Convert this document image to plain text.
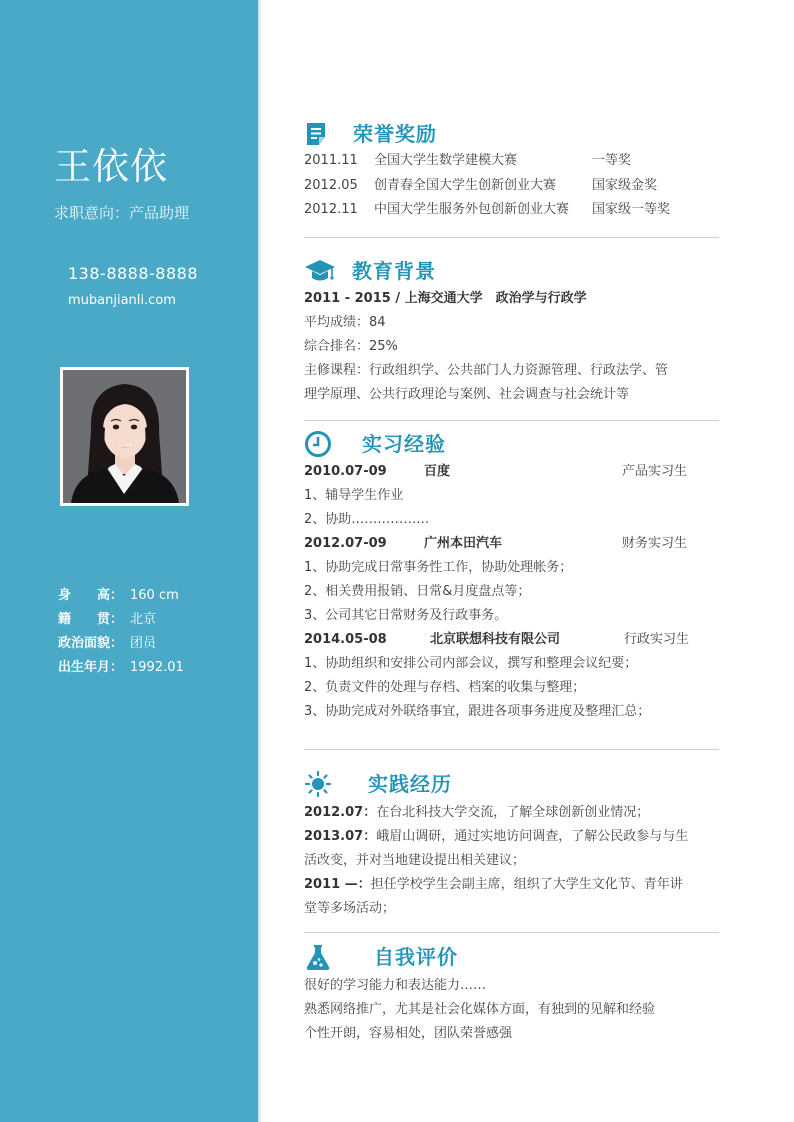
王依依
求职意向：产品助理
138-8888-8888
mubanjianli.com
身　　高： 160 cm
籍　　贯： 北京
政治面貌： 团员
出生年月： 1992.01
荣誉奖励
2011.11 全国大学生数学建模大赛	一等奖
2012.05 创青春全国大学生创新创业大赛	国家级金奖
2012.11 中国大学生服务外包创新创业大赛 国家级一等奖
教育背景
2011 - 2015 / 上海交通大学　政治学与行政学
平均成绩：84
综合排名：25%
主修课程：行政组织学、公共部门人力资源管理、行政法学、管
理学原理、公共行政理论与案例、社会调查与社会统计等
实习经验
2010.07-09	百度	产品实习生
1、辅导学生作业
2、协助………………
2012.07-09	广州本田汽车	财务实习生
1、协助完成日常事务性工作，协助处理帐务；
2、相关费用报销、日常&月度盘点等；
3、公司其它日常财务及行政事务。
2014.05-08	北京联想科技有限公司	行政实习生
1、协助组织和安排公司内部会议，撰写和整理会议纪要；
2、负责文件的处理与存档、档案的收集与整理；
3、协助完成对外联络事宜，跟进各项事务进度及整理汇总；
实践经历
2012.07：在台北科技大学交流，了解全球创新创业情况；
2013.07：峨眉山调研，通过实地访问调查，了解公民政参与与生
活改变，并对当地建设提出相关建议；
2011 —：担任学校学生会副主席，组织了大学生文化节、青年讲
堂等多场活动；
自我评价
很好的学习能力和表达能力……
熟悉网络推广，尤其是社会化媒体方面，有独到的见解和经验
个性开朗，容易相处，团队荣誉感强
